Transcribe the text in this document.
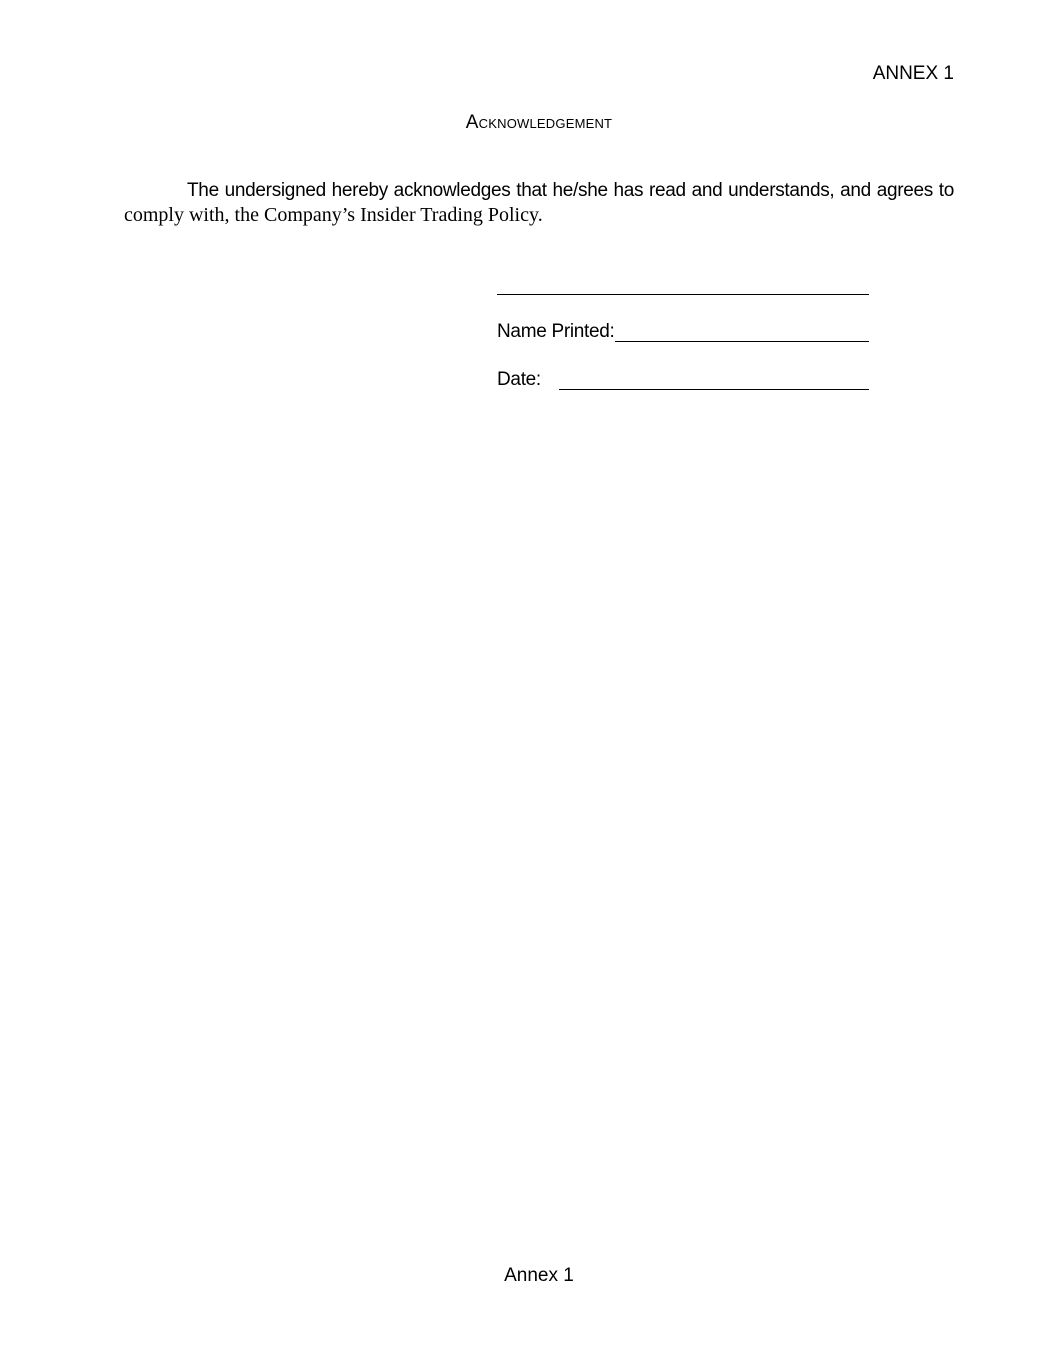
ANNEX 1
Acknowledgement

The undersigned hereby acknowledges that he/she has read and understands, and agrees to
comply with, the Company’s Insider Trading Policy.

Name Printed:
Date:
Annex 1
